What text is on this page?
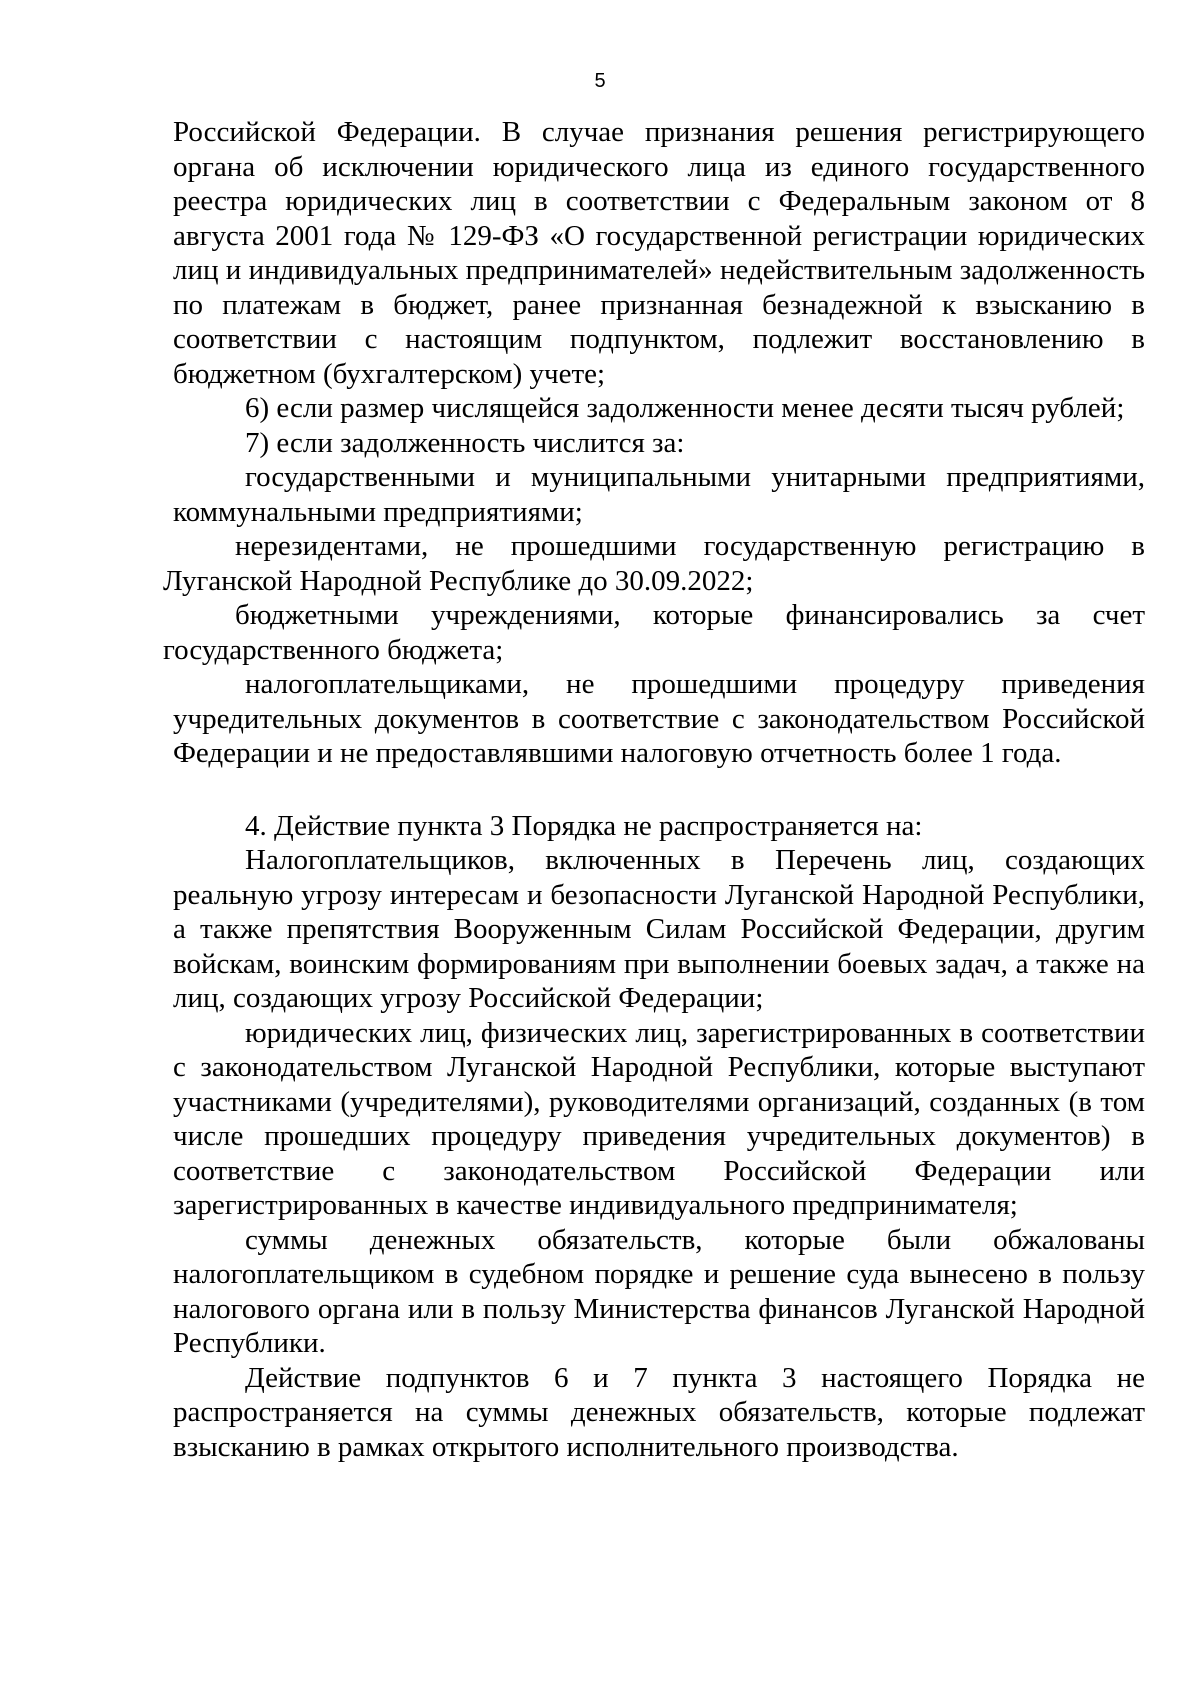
5

Российской Федерации. В случае признания решения регистрирующего органа об исключении юридического лица из единого государственного реестра юридических лиц в соответствии с Федеральным законом от 8 августа 2001 года № 129-ФЗ «О государственной регистрации юридических лиц и индивидуальных предпринимателей» недействительным задолженность по платежам в бюджет, ранее признанная безнадежной к взысканию в соответствии с настоящим подпунктом, подлежит восстановлению в бюджетном (бухгалтерском) учете;

6) если размер числящейся задолженности менее десяти тысяч рублей;

7) если задолженность числится за:

государственными и муниципальными унитарными предприятиями, коммунальными предприятиями;

нерезидентами, не прошедшими государственную регистрацию в Луганской Народной Республике до 30.09.2022;

бюджетными учреждениями, которые финансировались за счет государственного бюджета;

налогоплательщиками, не прошедшими процедуру приведения учредительных документов в соответствие с законодательством Российской Федерации и не предоставлявшими налоговую отчетность более 1 года.

4. Действие пункта 3 Порядка не распространяется на:

Налогоплательщиков, включенных в Перечень лиц, создающих реальную угрозу интересам и безопасности Луганской Народной Республики, а также препятствия Вооруженным Силам Российской Федерации, другим войскам, воинским формированиям при выполнении боевых задач, а также на лиц, создающих угрозу Российской Федерации;

юридических лиц, физических лиц, зарегистрированных в соответствии с законодательством Луганской Народной Республики, которые выступают участниками (учредителями), руководителями организаций, созданных (в том числе прошедших процедуру приведения учредительных документов) в соответствие с законодательством Российской Федерации или зарегистрированных в качестве индивидуального предпринимателя;

суммы денежных обязательств, которые были обжалованы налогоплательщиком в судебном порядке и решение суда вынесено в пользу налогового органа или в пользу Министерства финансов Луганской Народной Республики.

Действие подпунктов 6 и 7 пункта 3 настоящего Порядка не распространяется на суммы денежных обязательств, которые подлежат взысканию в рамках открытого исполнительного производства.
